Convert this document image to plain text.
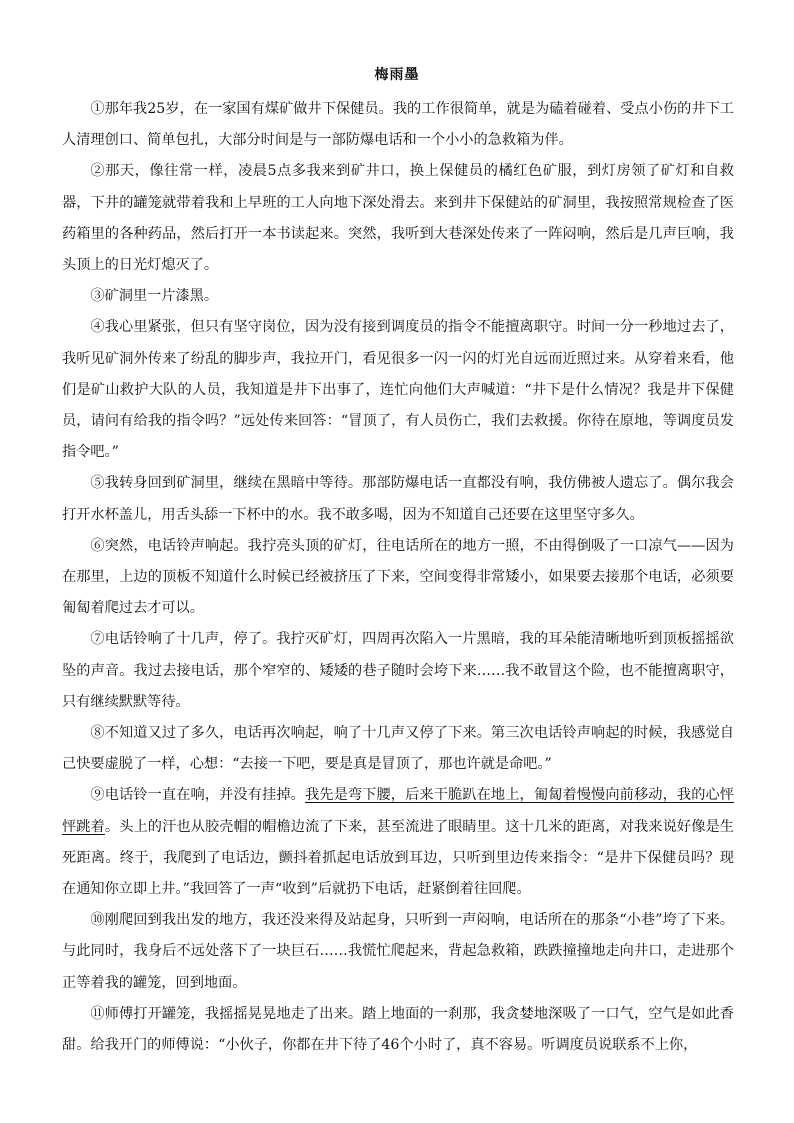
梅雨墨

①那年我25岁，在一家国有煤矿做井下保健员。我的工作很简单，就是为磕着碰着、受点小伤的井下工人清理创口、简单包扎，大部分时间是与一部防爆电话和一个小小的急救箱为伴。

②那天，像往常一样，凌晨5点多我来到矿井口，换上保健员的橘红色矿服，到灯房领了矿灯和自救器，下井的罐笼就带着我和上早班的工人向地下深处滑去。来到井下保健站的矿洞里，我按照常规检查了医药箱里的各种药品，然后打开一本书读起来。突然，我听到大巷深处传来了一阵闷响，然后是几声巨响，我头顶上的日光灯熄灭了。

③矿洞里一片漆黑。

④我心里紧张，但只有坚守岗位，因为没有接到调度员的指令不能擅离职守。时间一分一秒地过去了，我听见矿洞外传来了纷乱的脚步声，我拉开门，看见很多一闪一闪的灯光自远而近照过来。从穿着来看，他们是矿山救护大队的人员，我知道是井下出事了，连忙向他们大声喊道：“井下是什么情况？我是井下保健员，请问有给我的指令吗？”远处传来回答：“冒顶了，有人员伤亡，我们去救援。你待在原地，等调度员发指令吧。”

⑤我转身回到矿洞里，继续在黑暗中等待。那部防爆电话一直都没有响，我仿佛被人遗忘了。偶尔我会打开水杯盖儿，用舌头舔一下杯中的水。我不敢多喝，因为不知道自己还要在这里坚守多久。

⑥突然，电话铃声响起。我拧亮头顶的矿灯，往电话所在的地方一照，不由得倒吸了一口凉气——因为在那里，上边的顶板不知道什么时候已经被挤压了下来，空间变得非常矮小，如果要去接那个电话，必须要匍匐着爬过去才可以。

⑦电话铃响了十几声，停了。我拧灭矿灯，四周再次陷入一片黑暗，我的耳朵能清晰地听到顶板摇摇欲坠的声音。我过去接电话，那个窄窄的、矮矮的巷子随时会垮下来……我不敢冒这个险，也不能擅离职守，只有继续默默等待。

⑧不知道又过了多久，电话再次响起，响了十几声又停了下来。第三次电话铃声响起的时候，我感觉自己快要虚脱了一样，心想：“去接一下吧，要是真是冒顶了，那也许就是命吧。”

⑨电话铃一直在响，并没有挂掉。我先是弯下腰，后来干脆趴在地上，匍匐着慢慢向前移动，我的心怦怦跳着。头上的汗也从胶壳帽的帽檐边流了下来，甚至流进了眼睛里。这十几米的距离，对我来说好像是生死距离。终于，我爬到了电话边，颤抖着抓起电话放到耳边，只听到里边传来指令：“是井下保健员吗？现在通知你立即上井。”我回答了一声“收到”后就扔下电话，赶紧倒着往回爬。

⑩刚爬回到我出发的地方，我还没来得及站起身，只听到一声闷响，电话所在的那条“小巷”垮了下来。与此同时，我身后不远处落下了一块巨石……我慌忙爬起来，背起急救箱，跌跌撞撞地走向井口，走进那个正等着我的罐笼，回到地面。

⑪师傅打开罐笼，我摇摇晃晃地走了出来。踏上地面的一刹那，我贪婪地深吸了一口气，空气是如此香甜。给我开门的师傅说：“小伙子，你都在井下待了46个小时了，真不容易。听调度员说联系不上你，
